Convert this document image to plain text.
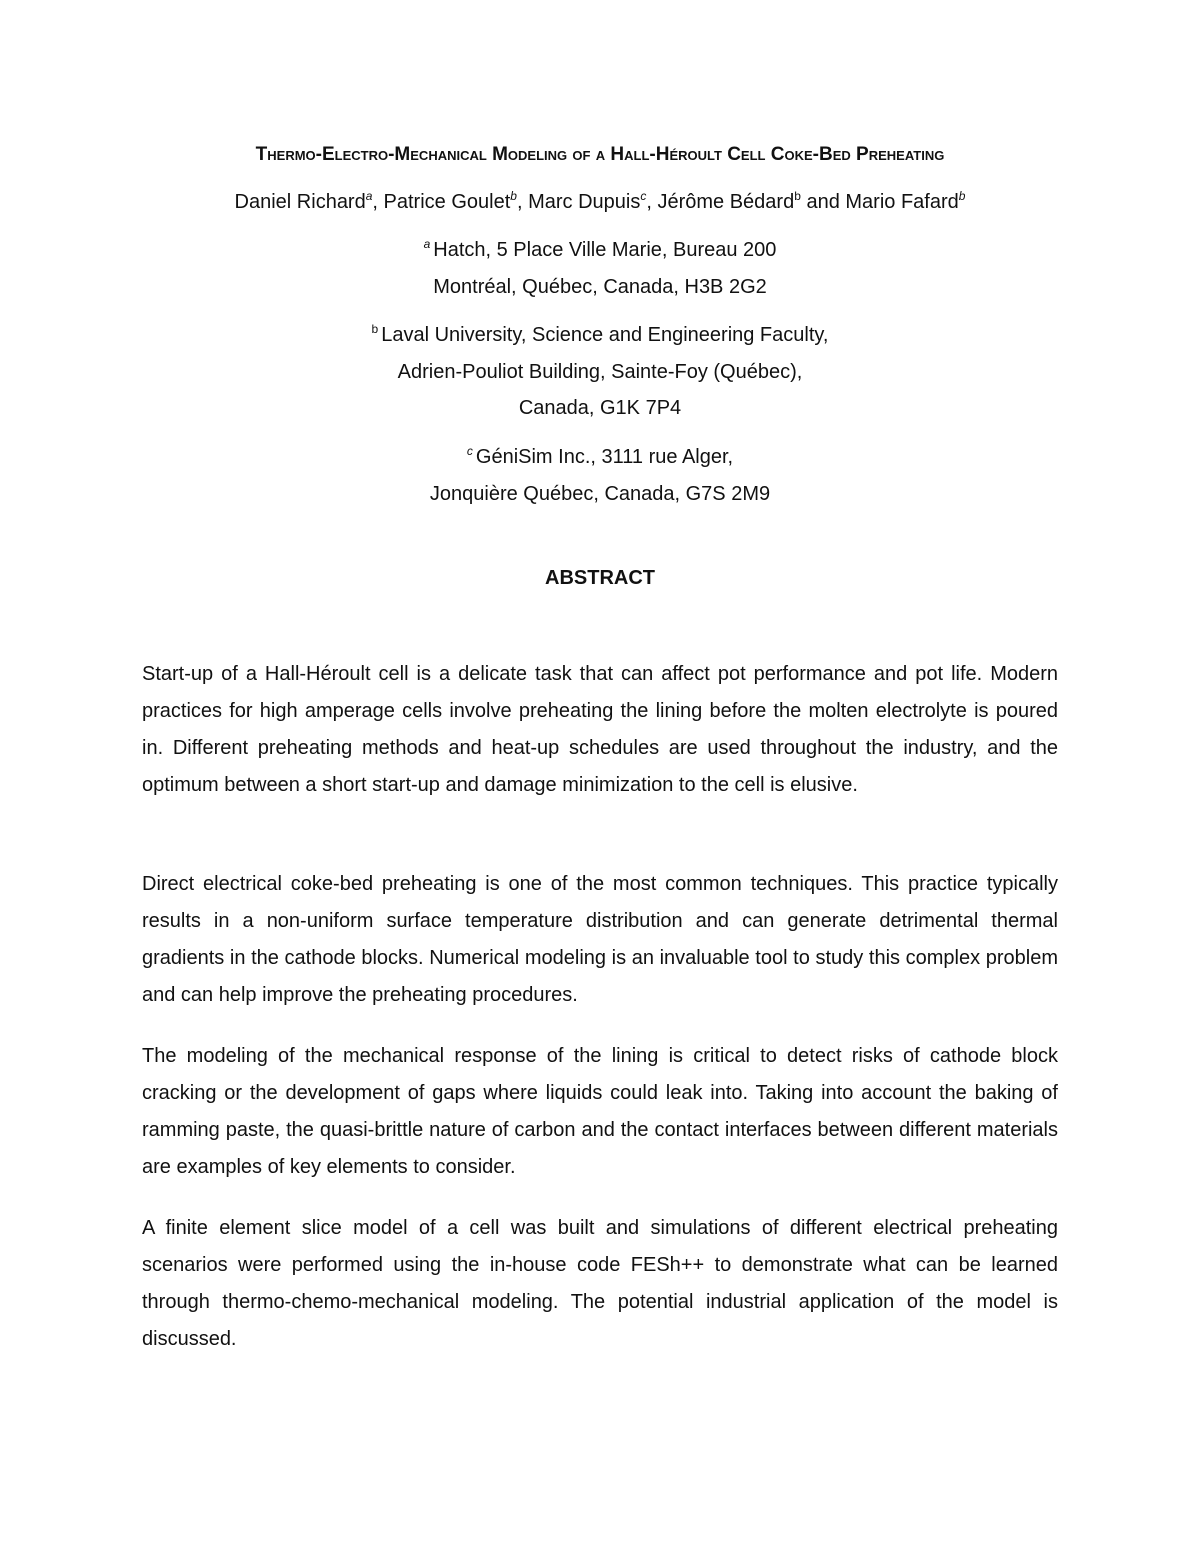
Thermo-Electro-Mechanical Modeling of a Hall-Héroult Cell Coke-Bed Preheating
Daniel Richard$^a$, Patrice Goulet$^b$, Marc Dupuis$^c$, Jérôme Bédard$^b$ and Mario Fafard$^b$
$^a$ Hatch, 5 Place Ville Marie, Bureau 200
Montréal, Québec, Canada, H3B 2G2
$^b$ Laval University, Science and Engineering Faculty,
Adrien-Pouliot Building, Sainte-Foy (Québec),
Canada, G1K 7P4
$^c$ GéniSim Inc., 3111 rue Alger,
Jonquière Québec, Canada, G7S 2M9
ABSTRACT

Start-up of a Hall-Héroult cell is a delicate task that can affect pot performance and pot life. Modern practices for high amperage cells involve preheating the lining before the molten electrolyte is poured in. Different preheating methods and heat-up schedules are used throughout the industry, and the optimum between a short start-up and damage minimization to the cell is elusive.

Direct electrical coke-bed preheating is one of the most common techniques. This practice typically results in a non-uniform surface temperature distribution and can generate detrimental thermal gradients in the cathode blocks. Numerical modeling is an invaluable tool to study this complex problem and can help improve the preheating procedures.

The modeling of the mechanical response of the lining is critical to detect risks of cathode block cracking or the development of gaps where liquids could leak into. Taking into account the baking of ramming paste, the quasi-brittle nature of carbon and the contact interfaces between different materials are examples of key elements to consider.

A finite element slice model of a cell was built and simulations of different electrical preheating scenarios were performed using the in-house code FESh++ to demonstrate what can be learned through thermo-chemo-mechanical modeling. The potential industrial application of the model is discussed.
